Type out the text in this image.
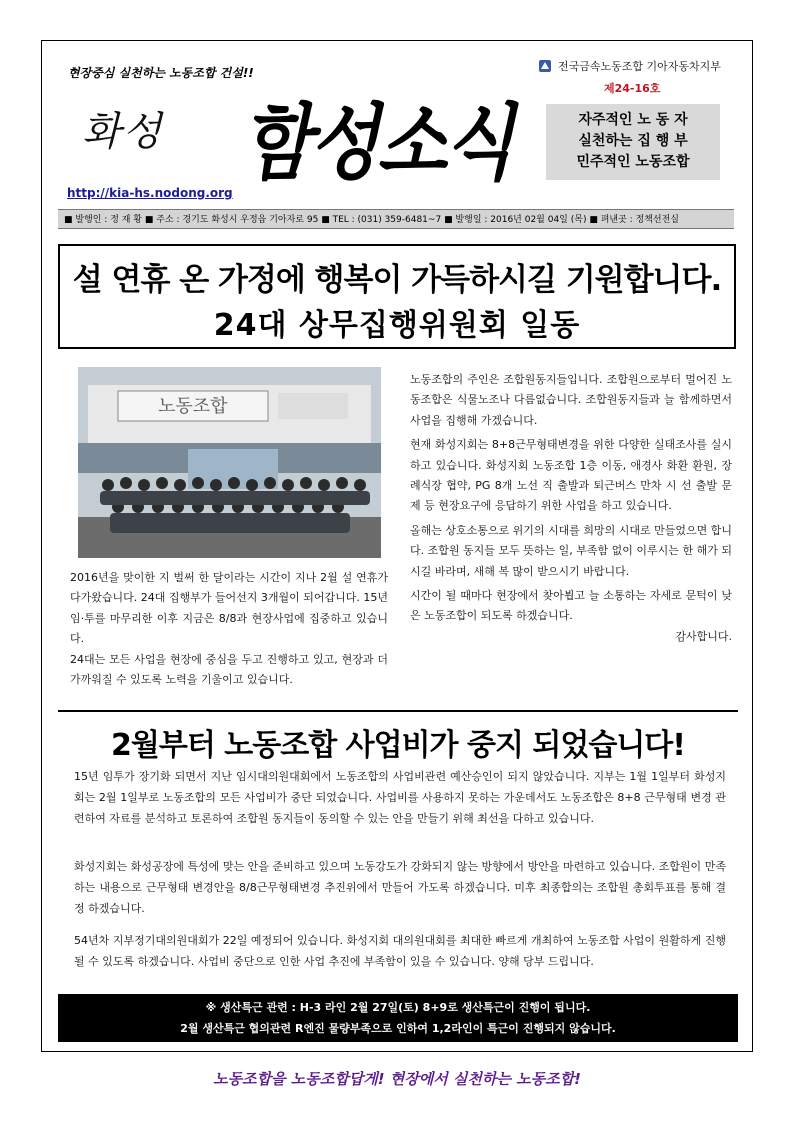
현장중심 실천하는 노동조합 건설!!
화성 함성소식
http://kia-hs.nodong.org
전국금속노동조합 기아자동차지부
제24-16호
자주적인 노 동 자
실천하는 집 행 부
민주적인 노동조합
■ 발행인 : 정 재 황 ■ 주소 : 경기도 화성시 우정읍 기아자로 95 ■ TEL : (031) 359-6481~7 ■ 발행일 : 2016년 02월 04일 (목) ■ 펴낸곳 : 정책선전실
설 연휴 온 가정에 행복이 가득하시길 기원합니다.
24대 상무집행위원회 일동
노동조합
2016년을 맞이한 지 벌써 한 달이라는 시간이 지나 2월 설 연휴가 다가왔습니다. 24대 집행부가 들어선지 3개월이 되어갑니다. 15년 임·투를 마무리한 이후 지금은 8/8과 현장사업에 집중하고 있습니다.
24대는 모든 사업을 현장에 중심을 두고 진행하고 있고, 현장과 더 가까워질 수 있도록 노력을 기울이고 있습니다.
노동조합의 주인은 조합원동지들입니다. 조합원으로부터 멀어진 노동조합은 식물노조나 다름없습니다. 조합원동지들과 늘 함께하면서 사업을 집행해 가겠습니다.
현재 화성지회는 8+8근무형태변경을 위한 다양한 실태조사를 실시하고 있습니다. 화성지회 노동조합 1층 이동, 애경사 화환 환원, 장례식장 협약, PG 8개 노선 직 출발과 퇴근버스 만차 시 선 출발 문제 등 현장요구에 응답하기 위한 사업을 하고 있습니다.
올해는 상호소통으로 위기의 시대를 희망의 시대로 만들었으면 합니다. 조합원 동지들 모두 뜻하는 일, 부족함 없이 이루시는 한 해가 되시길 바라며, 새해 복 많이 받으시기 바랍니다.
시간이 될 때마다 현장에서 찾아뵙고 늘 소통하는 자세로 문턱이 낮은 노동조합이 되도록 하겠습니다.
감사합니다.
2월부터 노동조합 사업비가 중지 되었습니다!
15년 임투가 장기화 되면서 지난 임시대의원대회에서 노동조합의 사업비관련 예산승인이 되지 않았습니다. 지부는 1월 1일부터 화성지회는 2월 1일부로 노동조합의 모든 사업비가 중단 되었습니다. 사업비를 사용하지 못하는 가운데서도 노동조합은 8+8 근무형태 변경 관련하여 자료를 분석하고 토론하여 조합원 동지들이 동의할 수 있는 안을 만들기 위해 최선을 다하고 있습니다.
화성지회는 화성공장에 특성에 맞는 안을 준비하고 있으며 노동강도가 강화되지 않는 방향에서 방안을 마련하고 있습니다. 조합원이 만족하는 내용으로 근무형태 변경안을 8/8근무형태변경 추진위에서 만들어 가도록 하겠습니다. 미후 최종합의는 조합원 총회투표를 통해 결정 하겠습니다.
54년차 지부정기대의원대회가 22일 예정되어 있습니다. 화성지회 대의원대회를 최대한 빠르게 개최하여 노동조합 사업이 원활하게 진행 될 수 있도록 하겠습니다. 사업비 중단으로 인한 사업 추진에 부족함이 있을 수 있습니다. 양해 당부 드립니다.
※ 생산특근 관련 : H-3 라인 2월 27일(토) 8+9로 생산특근이 진행이 됩니다.
2월 생산특근 협의관련 R엔진 물량부족으로 인하여 1,2라인이 특근이 진행되지 않습니다.
노동조합을 노동조합답게! 현장에서 실천하는 노동조합!
